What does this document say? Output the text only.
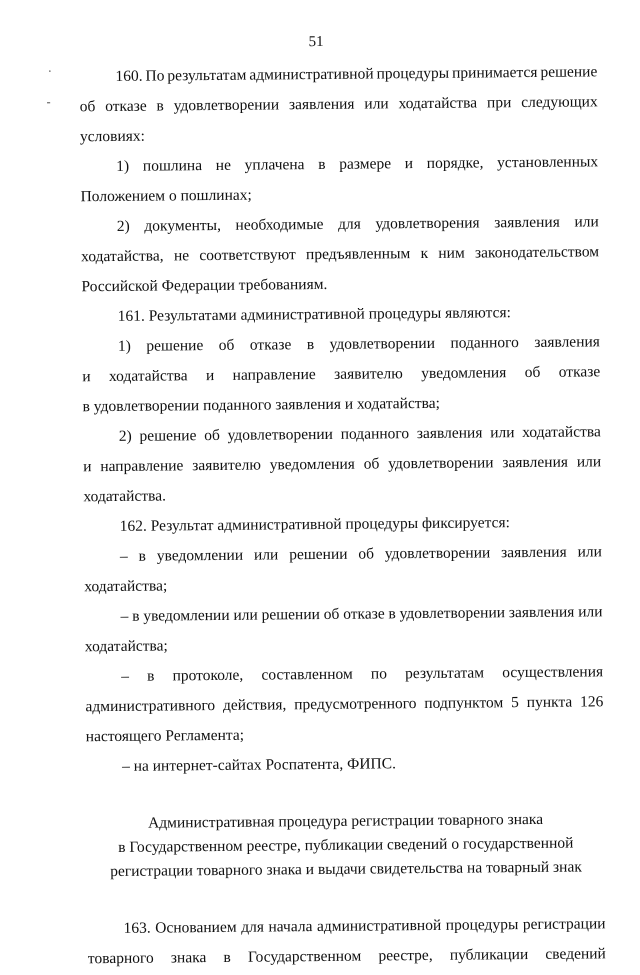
51
.
-
160. По результатам административной процедуры принимается решение
об отказе в удовлетворении заявления или ходатайства при следующих
условиях:
1) пошлина не уплачена в размере и порядке, установленных
Положением о пошлинах;
2) документы, необходимые для удовлетворения заявления или
ходатайства, не соответствуют предъявленным к ним законодательством
Российской Федерации требованиям.
161. Результатами административной процедуры являются:
1) решение об отказе в удовлетворении поданного заявления
и ходатайства и направление заявителю уведомления об отказе
в удовлетворении поданного заявления и ходатайства;
2) решение об удовлетворении поданного заявления или ходатайства
и направление заявителю уведомления об удовлетворении заявления или
ходатайства.
162. Результат административной процедуры фиксируется:
– в уведомлении или решении об удовлетворении заявления или
ходатайства;
– в уведомлении или решении об отказе в удовлетворении заявления или
ходатайства;
– в протоколе, составленном по результатам осуществления
административного действия, предусмотренного подпунктом 5 пункта 126
настоящего Регламента;
– на интернет-сайтах Роспатента, ФИПС.
Административная процедура регистрации товарного знака
в Государственном реестре, публикации сведений о государственной
регистрации товарного знака и выдачи свидетельства на товарный знак
163. Основанием для начала административной процедуры регистрации
товарного знака в Государственном реестре, публикации сведений
